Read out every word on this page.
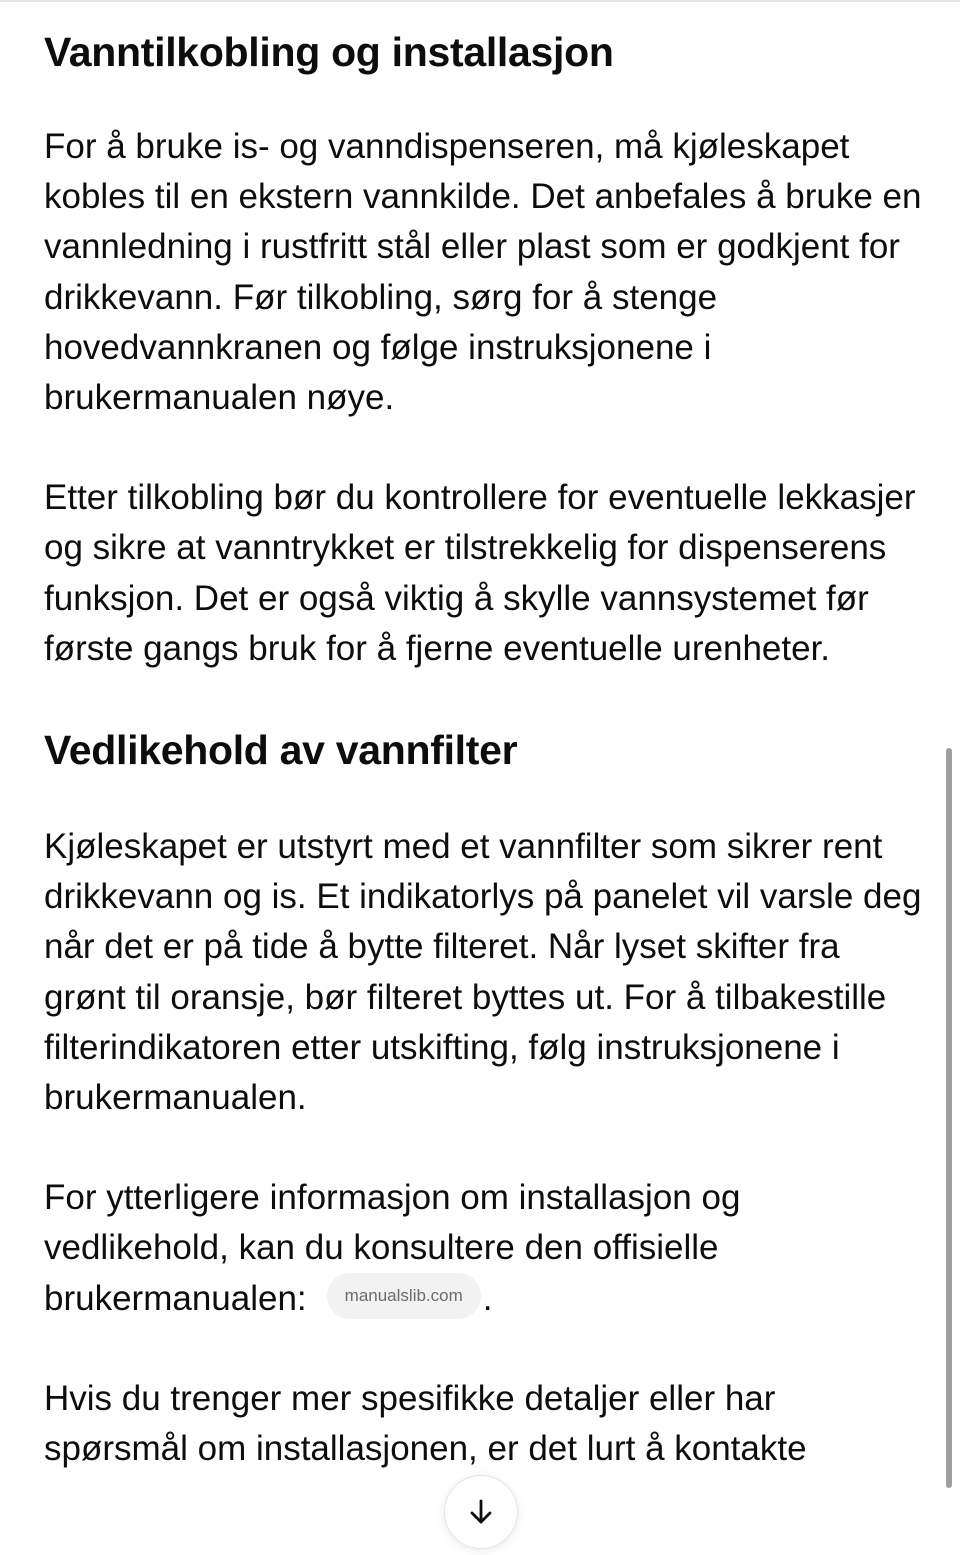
Vanntilkobling og installasjon

For å bruke is- og vanndispenseren, må kjøleskapet kobles til en ekstern vannkilde. Det anbefales å bruke en vannledning i rustfritt stål eller plast som er godkjent for drikkevann. Før tilkobling, sørg for å stenge hovedvannkranen og følge instruksjonene i brukermanualen nøye.

Etter tilkobling bør du kontrollere for eventuelle lekkasjer og sikre at vanntrykket er tilstrekkelig for dispenserens funksjon. Det er også viktig å skylle vannsystemet før første gangs bruk for å fjerne eventuelle urenheter.

Vedlikehold av vannfilter

Kjøleskapet er utstyrt med et vannfilter som sikrer rent drikkevann og is. Et indikatorlys på panelet vil varsle deg når det er på tide å bytte filteret. Når lyset skifter fra grønt til oransje, bør filteret byttes ut. For å tilbakestille filterindikatoren etter utskifting, følg instruksjonene i brukermanualen.

For ytterligere informasjon om installasjon og vedlikehold, kan du konsultere den offisielle brukermanualen: manualslib.com .

Hvis du trenger mer spesifikke detaljer eller har spørsmål om installasjonen, er det lurt å kontakte
